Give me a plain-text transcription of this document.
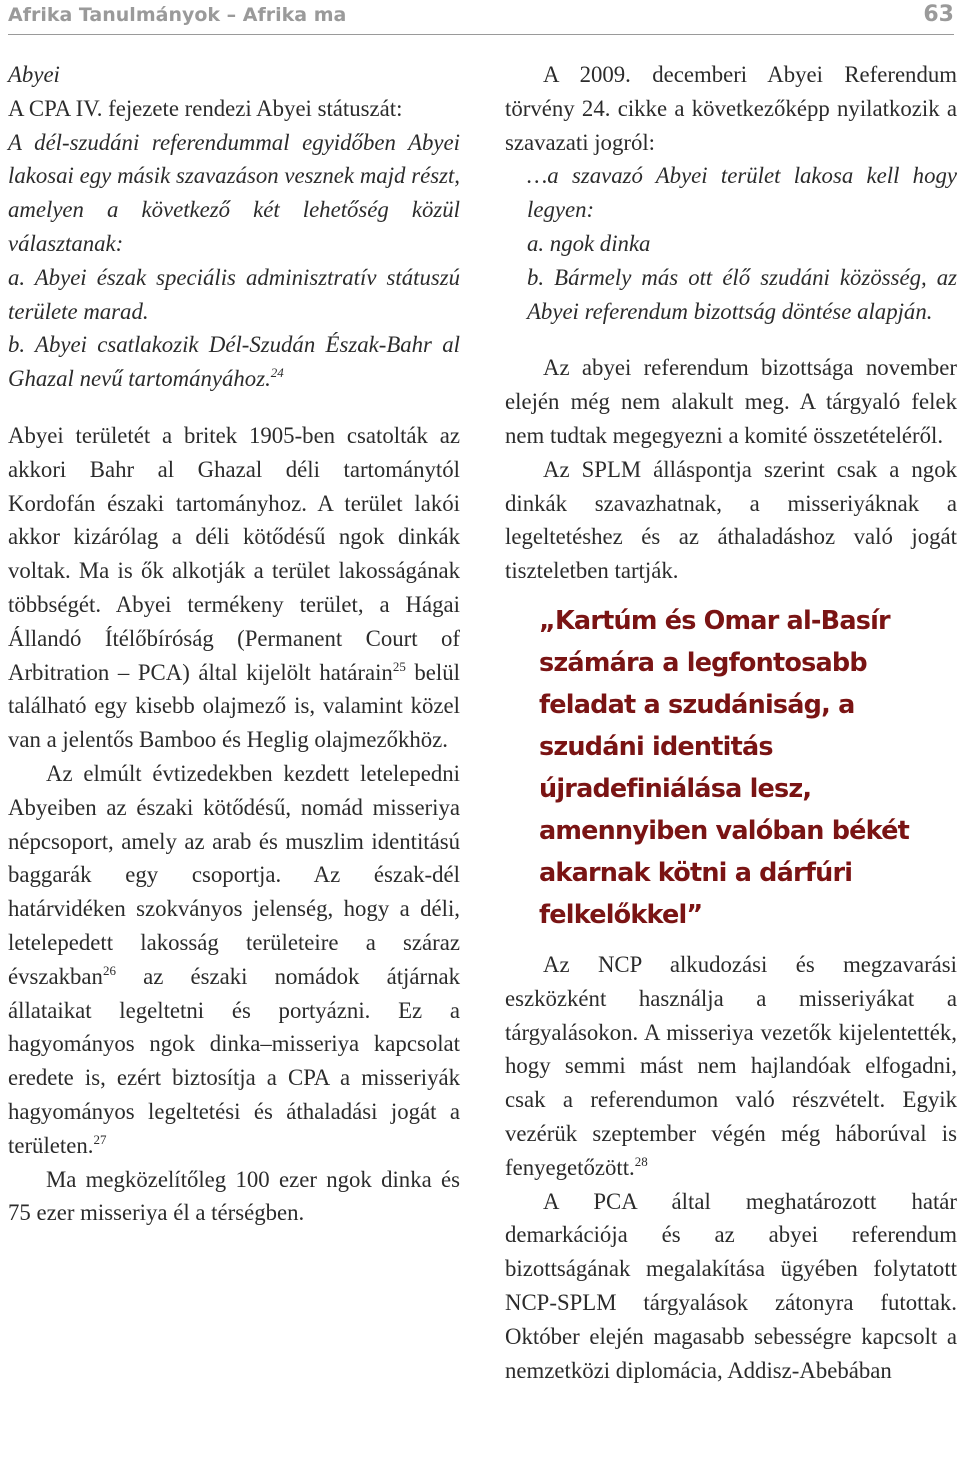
Afrika Tanulmányok – Afrika ma	63

Abyei

A CPA IV. fejezete rendezi Abyei státuszát:

A dél-szudáni referendummal egyidőben Abyei lakosai egy másik szavazáson vesznek majd részt, amelyen a következő két lehetőség közül választanak:

a. Abyei észak speciális adminisztratív státuszú területe marad.

b. Abyei csatlakozik Dél-Szudán Észak-Bahr al Ghazal nevű tartományához.$^{24}$

Abyei területét a britek 1905-ben csatolták az akkori Bahr al Ghazal déli tartománytól Kordofán északi tartományhoz. A terület lakói akkor kizárólag a déli kötődésű ngok dinkák voltak. Ma is ők alkotják a terület lakosságának többségét. Abyei termékeny terület, a Hágai Állandó Ítélőbíróság (Permanent Court of Arbitration – PCA) által kijelölt határain$^{25}$ belül található egy kisebb olajmező is, valamint közel van a jelentős Bamboo és Heglig olajmezőkhöz.

Az elmúlt évtizedekben kezdett letelepedni Abyeiben az északi kötődésű, nomád misseriya népcsoport, amely az arab és muszlim identitású baggarák egy csoportja. Az észak-dél határvidéken szokványos jelenség, hogy a déli, letelepedett lakosság területeire a száraz évszakban$^{26}$ az északi nomádok átjárnak állataikat legeltetni és portyázni. Ez a hagyományos ngok dinka–misseriya kapcsolat eredete is, ezért biztosítja a CPA a misseriyák hagyományos legeltetési és áthaladási jogát a területen.$^{27}$

Ma megközelítőleg 100 ezer ngok dinka és 75 ezer misseriya él a térségben.

A 2009. decemberi Abyei Referendum törvény 24. cikke a következőképp nyilatkozik a szavazati jogról:

…a szavazó Abyei terület lakosa kell hogy legyen:

a. ngok dinka

b. Bármely más ott élő szudáni közösség, az Abyei referendum bizottság döntése alapján.

Az abyei referendum bizottsága november elején még nem alakult meg. A tárgyaló felek nem tudtak megegyezni a komité összetételéről.

Az SPLM álláspontja szerint csak a ngok dinkák szavazhatnak, a misseriyáknak a legeltetéshez és az áthaladáshoz való jogát tiszteletben tartják.

„Kartúm és Omar al-Basír számára a legfontosabb feladat a szudániság, a szudáni identitás újradefiniálása lesz, amennyiben valóban békét akarnak kötni a dárfúri felkelőkkel”

Az NCP alkudozási és megzavarási eszközként használja a misseriyákat a tárgyalásokon. A misseriya vezetők kijelentették, hogy semmi mást nem hajlandóak elfogadni, csak a referendumon való részvételt. Egyik vezérük szeptember végén még háborúval is fenyegetőzött.$^{28}$

A PCA által meghatározott határ demarkációja és az abyei referendum bizottságának megalakítása ügyében folytatott NCP-SPLM tárgyalások zátonyra futottak. Október elején magasabb sebességre kapcsolt a nemzetközi diplomácia, Addisz-Abebában
